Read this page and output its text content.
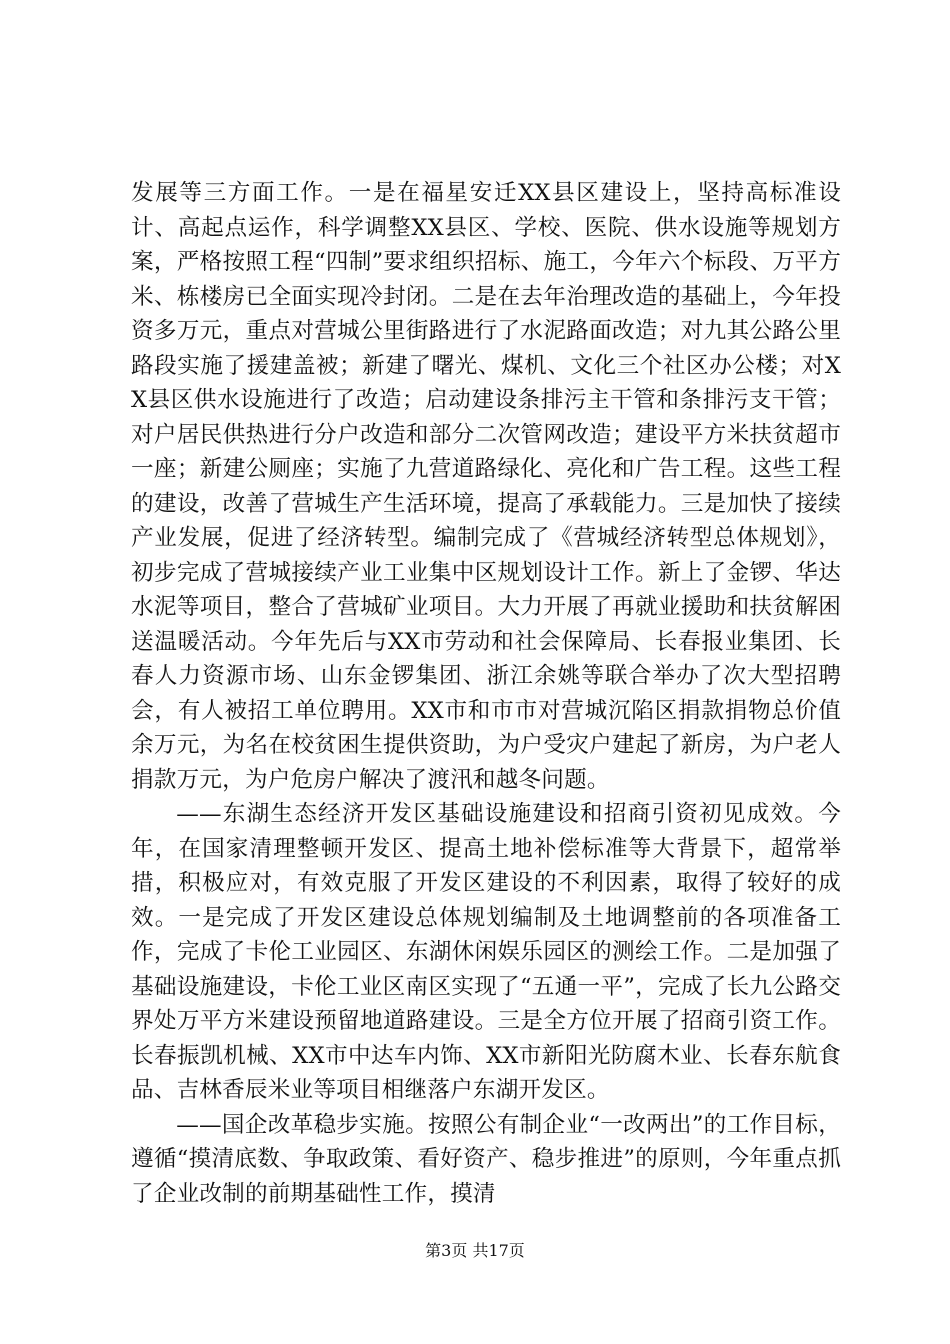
发展等三方面工作。一是在福星安迁XX县区建设上，坚持高标准设计、高起点运作，科学调整XX县区、学校、医院、供水设施等规划方案，严格按照工程“四制”要求组织招标、施工，今年六个标段、万平方米、栋楼房已全面实现冷封闭。二是在去年治理改造的基础上，今年投资多万元，重点对营城公里街路进行了水泥路面改造；对九其公路公里路段实施了援建盖被；新建了曙光、煤机、文化三个社区办公楼；对XX县区供水设施进行了改造；启动建设条排污主干管和条排污支干管；对户居民供热进行分户改造和部分二次管网改造；建设平方米扶贫超市一座；新建公厕座；实施了九营道路绿化、亮化和广告工程。这些工程的建设，改善了营城生产生活环境，提高了承载能力。三是加快了接续产业发展，促进了经济转型。编制完成了《营城经济转型总体规划》，初步完成了营城接续产业工业集中区规划设计工作。新上了金锣、华达水泥等项目，整合了营城矿业项目。大力开展了再就业援助和扶贫解困送温暖活动。今年先后与XX市劳动和社会保障局、长春报业集团、长春人力资源市场、山东金锣集团、浙江余姚等联合举办了次大型招聘会，有人被招工单位聘用。XX市和市市对营城沉陷区捐款捐物总价值余万元，为名在校贫困生提供资助，为户受灾户建起了新房，为户老人捐款万元，为户危房户解决了渡汛和越冬问题。

——东湖生态经济开发区基础设施建设和招商引资初见成效。今年，在国家清理整顿开发区、提高土地补偿标准等大背景下，超常举措，积极应对，有效克服了开发区建设的不利因素，取得了较好的成效。一是完成了开发区建设总体规划编制及土地调整前的各项准备工作，完成了卡伦工业园区、东湖休闲娱乐园区的测绘工作。二是加强了基础设施建设，卡伦工业区南区实现了“五通一平”，完成了长九公路交界处万平方米建设预留地道路建设。三是全方位开展了招商引资工作。长春振凯机械、XX市中达车内饰、XX市新阳光防腐木业、长春东航食品、吉林香辰米业等项目相继落户东湖开发区。

——国企改革稳步实施。按照公有制企业“一改两出”的工作目标，遵循“摸清底数、争取政策、看好资产、稳步推进”的原则，今年重点抓了企业改制的前期基础性工作，摸清

第3页 共17页
